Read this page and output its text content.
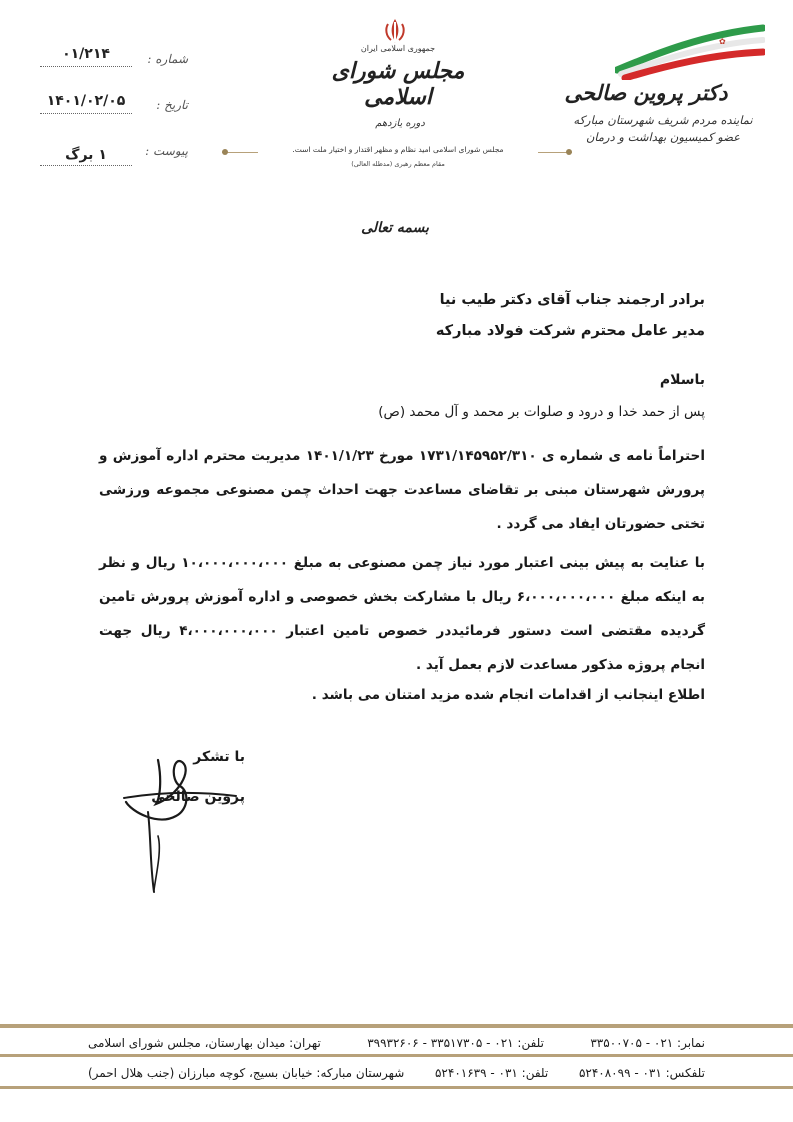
✿
دکتر پروین صالحی
نماینده مردم شریف شهرستان مبارکه
عضو کمیسیون بهداشت و درمان
جمهوری اسلامی ایران
مجلس شورای اسلامی
دوره یازدهم
مجلس شورای اسلامی امید نظام و مظهر اقتدار و اختیار ملت است.
مقام معظم رهبری (مدظله العالی)
شماره :
۰۱/۲۱۴
تاریخ :
۱۴۰۱/۰۲/۰۵
پیوست :
۱ برگ
بسمه تعالی
برادر ارجمند جناب آقای دکتر طیب نیا
مدیر عامل محترم شرکت فولاد مبارکه
باسلام
پس از حمد خدا و درود و صلوات بر محمد و آل محمد (ص)
احتراماً نامه ی شماره ی ۱۷۳۱/۱۴۵۹۵۲/۳۱۰ مورخ ۱۴۰۱/۱/۲۳ مدیریت محترم اداره آموزش و پرورش شهرستان مبنی بر تقاضای مساعدت جهت احداث چمن مصنوعی مجموعه ورزشی تختی حضورتان ایفاد می گردد .
با عنایت به پیش بینی اعتبار مورد نیاز چمن مصنوعی به مبلغ ۱۰،۰۰۰،۰۰۰،۰۰۰ ریال و نظر به اینکه مبلغ ۶،۰۰۰،۰۰۰،۰۰۰ ریال با مشارکت بخش خصوصی و اداره آموزش پرورش تامین گردیده مقتضی است دستور فرمائیددر خصوص تامین اعتبار ۴،۰۰۰،۰۰۰،۰۰۰ ریال جهت انجام پروژه مذکور مساعدت لازم بعمل آید .
اطلاع اینجانب از اقدامات انجام شده مزید امتنان می باشد .
با تشکر
پروین صالحی
تهران: میدان بهارستان، مجلس شورای اسلامی	تلفن: ۰۲۱ - ۳۳۵۱۷۳۰۵ - ۳۹۹۳۲۶۰۶	نمابر: ۰۲۱ - ۳۳۵۰۰۷۰۵
شهرستان مبارکه: خیابان بسیج، کوچه مبارزان (جنب هلال احمر)	تلفن: ۰۳۱ - ۵۲۴۰۱۶۳۹	تلفکس: ۰۳۱ - ۵۲۴۰۸۰۹۹
